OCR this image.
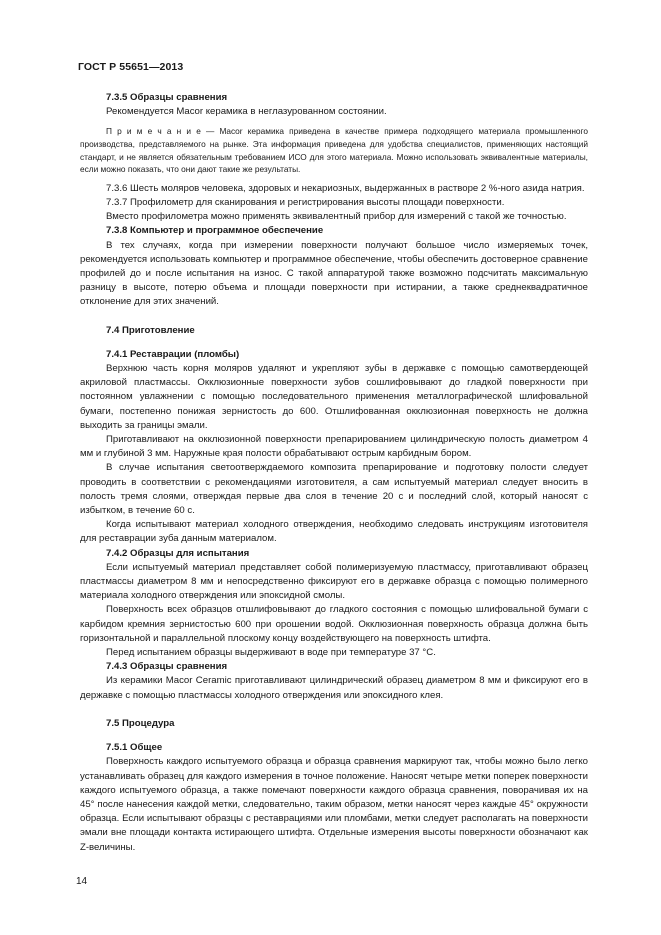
ГОСТ Р 55651—2013

7.3.5 Образцы сравнения

Рекомендуется Macor керамика в неглазурованном состоянии.

П р и м е ч а н и е — Macor керамика приведена в качестве примера подходящего материала промышленного производства, представляемого на рынке. Эта информация приведена для удобства специалистов, применяющих настоящий стандарт, и не является обязательным требованием ИСО для этого материала. Можно использовать эквивалентные материалы, если можно показать, что они дают такие же результаты.

7.3.6 Шесть моляров человека, здоровых и некариозных, выдержанных в растворе 2 %-ного азида натрия.

7.3.7 Профилометр для сканирования и регистрирования высоты площади поверхности.

Вместо профилометра можно применять эквивалентный прибор для измерений с такой же точностью.

7.3.8 Компьютер и программное обеспечение

В тех случаях, когда при измерении поверхности получают большое число измеряемых точек, рекомендуется использовать компьютер и программное обеспечение, чтобы обеспечить достоверное сравнение профилей до и после испытания на износ. С такой аппаратурой также возможно подсчитать максимальную разницу в высоте, потерю объема и площади поверхности при истирании, а также среднеквадратичное отклонение для этих значений.

7.4 Приготовление

7.4.1 Реставрации (пломбы)

Верхнюю часть корня моляров удаляют и укрепляют зубы в державке с помощью самотвердеющей акриловой пластмассы. Окклюзионные поверхности зубов сошлифовывают до гладкой поверхности при постоянном увлажнении с помощью последовательного применения металлографической шлифовальной бумаги, постепенно понижая зернистость до 600. Отшлифованная окклюзионная поверхность не должна выходить за границы эмали.

Приготавливают на окклюзионной поверхности препарированием цилиндрическую полость диаметром 4 мм и глубиной 3 мм. Наружные края полости обрабатывают острым карбидным бором.

В случае испытания светоотверждаемого композита препарирование и подготовку полости следует проводить в соответствии с рекомендациями изготовителя, а сам испытуемый материал следует вносить в полость тремя слоями, отверждая первые два слоя в течение 20 с и последний слой, который наносят с избытком, в течение 60 с.

Когда испытывают материал холодного отверждения, необходимо следовать инструкциям изготовителя для реставрации зуба данным материалом.

7.4.2 Образцы для испытания

Если испытуемый материал представляет собой полимеризуемую пластмассу, приготавливают образец пластмассы диаметром 8 мм и непосредственно фиксируют его в державке образца с помощью полимерного материала холодного отверждения или эпоксидной смолы.

Поверхность всех образцов отшлифовывают до гладкого состояния с помощью шлифовальной бумаги с карбидом кремния зернистостью 600 при орошении водой. Окклюзионная поверхность образца должна быть горизонтальной и параллельной плоскому концу воздействующего на поверхность штифта.

Перед испытанием образцы выдерживают в воде при температуре 37 °С.

7.4.3 Образцы сравнения

Из керамики Macor Ceramic приготавливают цилиндрический образец диаметром 8 мм и фиксируют его в державке с помощью пластмассы холодного отверждения или эпоксидного клея.

7.5 Процедура

7.5.1 Общее

Поверхность каждого испытуемого образца и образца сравнения маркируют так, чтобы можно было легко устанавливать образец для каждого измерения в точное положение. Наносят четыре метки поперек поверхности каждого испытуемого образца, а также помечают поверхности каждого образца сравнения, поворачивая их на 45° после нанесения каждой метки, следовательно, таким образом, метки наносят через каждые 45° окружности образца. Если испытывают образцы с реставрациями или пломбами, метки следует располагать на поверхности эмали вне площади контакта истирающего штифта. Отдельные измерения высоты поверхности обозначают как Z-величины.

14
